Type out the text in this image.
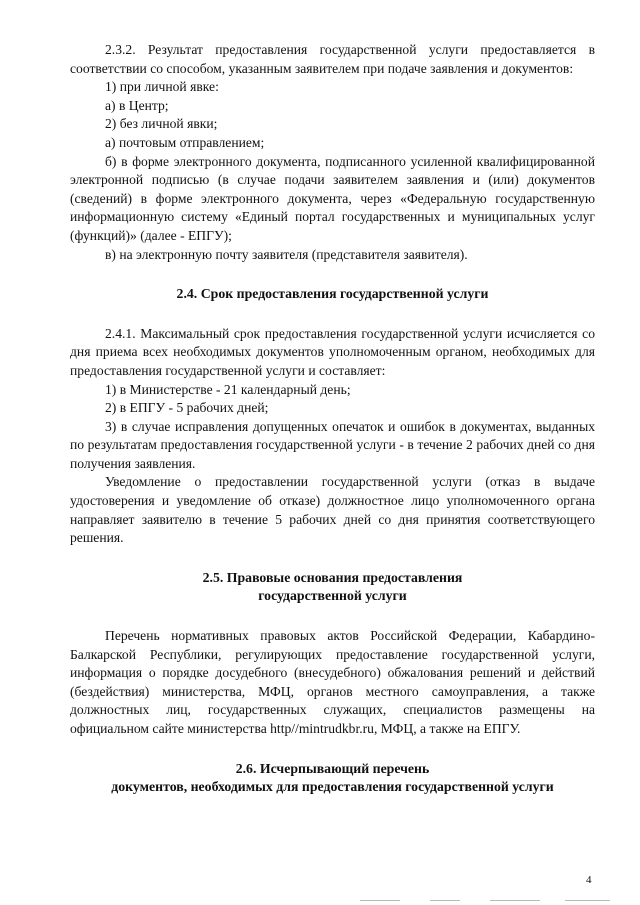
2.3.2. Результат предоставления государственной услуги предоставляется в соответствии со способом, указанным заявителем при подаче заявления и документов:

1) при личной явке:

а) в Центр;

2) без личной явки;

а) почтовым отправлением;

б) в форме электронного документа, подписанного усиленной квалифицированной электронной подписью (в случае подачи заявителем заявления и (или) документов (сведений) в форме электронного документа, через «Федеральную государственную информационную систему «Единый портал государственных и муниципальных услуг (функций)» (далее - ЕПГУ);

в) на электронную почту заявителя (представителя заявителя).

2.4. Срок предоставления государственной услуги

2.4.1. Максимальный срок предоставления государственной услуги исчисляется со дня приема всех необходимых документов уполномоченным органом, необходимых для предоставления государственной услуги и составляет:

1) в Министерстве - 21 календарный день;

2) в ЕПГУ - 5 рабочих дней;

3) в случае исправления допущенных опечаток и ошибок в документах, выданных по результатам предоставления государственной услуги - в течение 2 рабочих дней со дня получения заявления.

Уведомление о предоставлении государственной услуги (отказ в выдаче удостоверения и уведомление об отказе) должностное лицо уполномоченного органа направляет заявителю в течение 5 рабочих дней со дня принятия соответствующего решения.

2.5. Правовые основания предоставления
государственной услуги

Перечень нормативных правовых актов Российской Федерации, Кабардино-Балкарской Республики, регулирующих предоставление государственной услуги, информация о порядке досудебного (внесудебного) обжалования решений и действий (бездействия) министерства, МФЦ, органов местного самоуправления, а также должностных лиц, государственных служащих, специалистов размещены на официальном сайте министерства http//mintrudkbr.ru, МФЦ, а также на ЕПГУ.

2.6. Исчерпывающий перечень
документов, необходимых для предоставления государственной услуги
4
